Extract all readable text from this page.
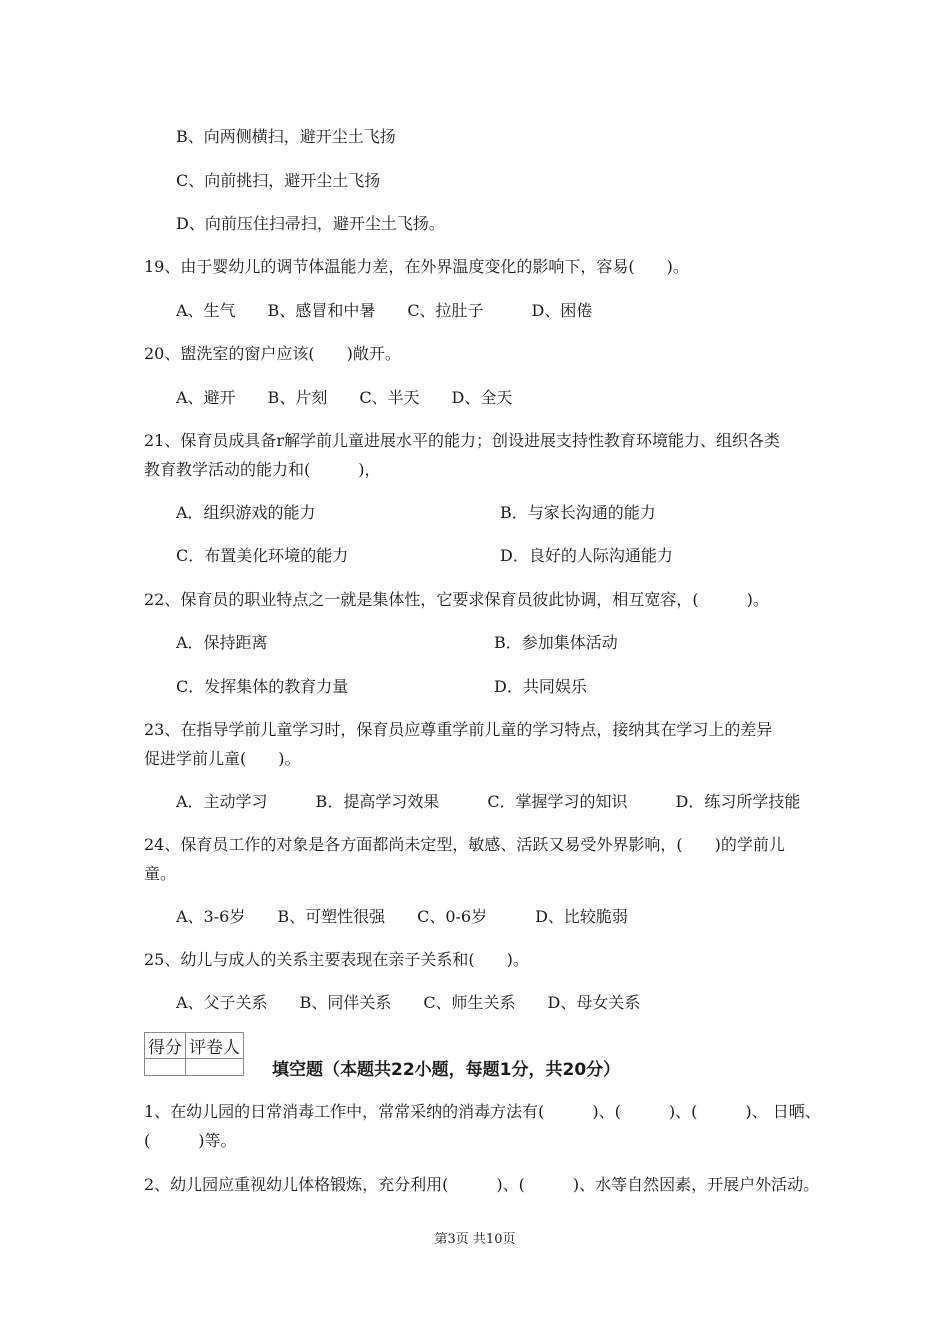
B、向两侧横扫，避开尘土飞扬
C、向前挑扫，避开尘土飞扬
D、向前压住扫帚扫，避开尘土飞扬。
19、由于婴幼儿的调节体温能力差，在外界温度变化的影响下，容易(　　)。
A、生气　　B、感冒和中暑　　C、拉肚子　　　D、困倦
20、盥洗室的窗户应该(　　)敞开。
A、避开　　B、片刻　　C、半天　　D、全天
21、保育员成具备r解学前儿童进展水平的能力；创设进展支持性教育环境能力、组织各类
教育教学活动的能力和(　　　)，
A．组织游戏的能力	B．与家长沟通的能力
C．布置美化环境的能力	D．良好的人际沟通能力
22、保育员的职业特点之一就是集体性，它要求保育员彼此协调，相互宽容，(　　　)。
A．保持距离	B．参加集体活动
C．发挥集体的教育力量	D．共同娱乐
23、在指导学前儿童学习时，保育员应尊重学前儿童的学习特点，接纳其在学习上的差异
促进学前儿童(　　)。
A．主动学习　　　B．提高学习效果　　　C．掌握学习的知识　　　D．练习所学技能
24、保育员工作的对象是各方面都尚未定型，敏感、活跃又易受外界影响，(　　)的学前儿
童。
A、3-6岁　　B、可塑性很强　　C、0-6岁　　　D、比较脆弱
25、幼儿与成人的关系主要表现在亲子关系和(　　)。
A、父子关系　　B、同伴关系　　C、师生关系　　D、母女关系
得分	评卷人

填空题（本题共22小题，每题1分，共20分）
1、在幼儿园的日常消毒工作中，常常采纳的消毒方法有(　　　)、(　　　)、(　　　)、 日晒、
(　　　)等。
2、幼儿园应重视幼儿体格锻炼，充分利用(　　　)、(　　　)、水等自然因素，开展户外活动。
第3页 共10页
